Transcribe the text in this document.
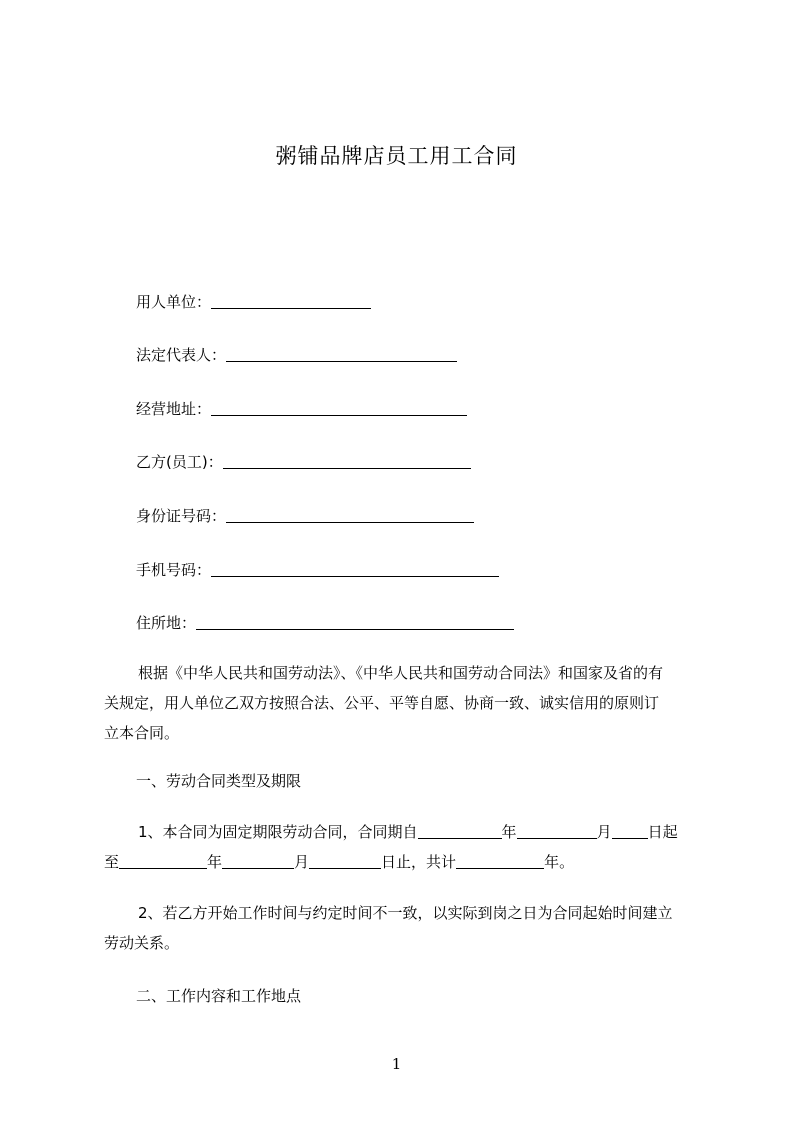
粥铺品牌店员工用工合同
用人单位：
法定代表人：
经营地址：
乙方(员工)：
身份证号码：
手机号码：
住所地：

根据《中华人民共和国劳动法》、《中华人民共和国劳动合同法》和国家及省的有

关规定，用人单位乙双方按照合法、公平、平等自愿、协商一致、诚实信用的原则订

立本合同。

一、劳动合同类型及期限

1、本合同为固定期限劳动合同，合同期自	年	月 日起

至	年	月	日止，共计	年。

2、若乙方开始工作时间与约定时间不一致，以实际到岗之日为合同起始时间建立

劳动关系。

二、工作内容和工作地点
1
